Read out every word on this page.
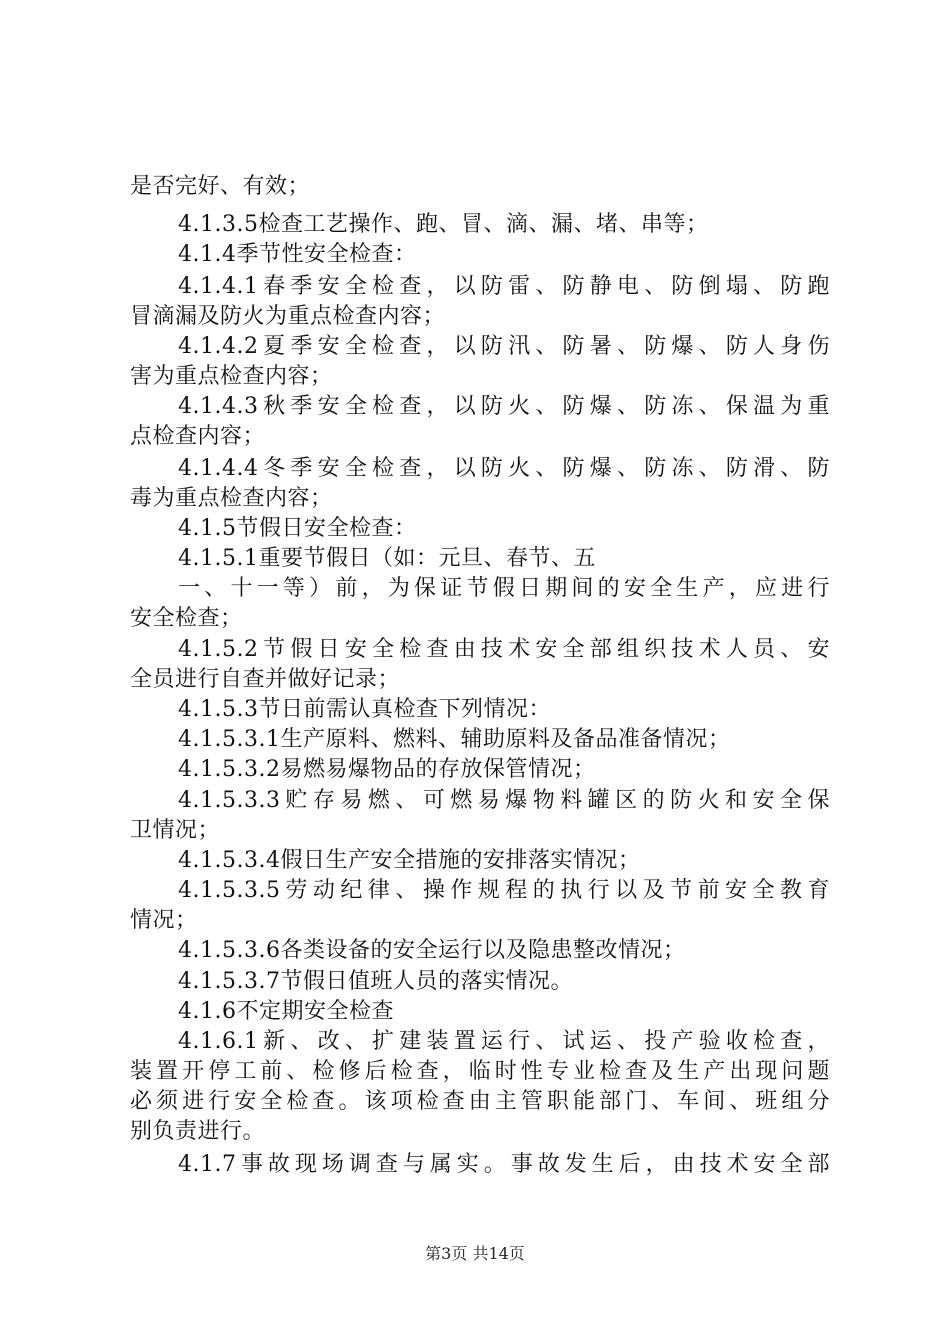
是否完好、有效；
4.1.3.5检查工艺操作、跑、冒、滴、漏、堵、串等；
4.1.4季节性安全检查：
4.1.4.1春季安全检查，以防雷、防静电、防倒塌、防跑
冒滴漏及防火为重点检查内容；
4.1.4.2夏季安全检查，以防汛、防暑、防爆、防人身伤
害为重点检查内容；
4.1.4.3秋季安全检查，以防火、防爆、防冻、保温为重
点检查内容；
4.1.4.4冬季安全检查，以防火、防爆、防冻、防滑、防
毒为重点检查内容；
4.1.5节假日安全检查：
4.1.5.1重要节假日（如：元旦、春节、五
一、十一等）前，为保证节假日期间的安全生产，应进行
安全检查；
4.1.5.2节假日安全检查由技术安全部组织技术人员、安
全员进行自查并做好记录；
4.1.5.3节日前需认真检查下列情况：
4.1.5.3.1生产原料、燃料、辅助原料及备品准备情况；
4.1.5.3.2易燃易爆物品的存放保管情况；
4.1.5.3.3贮存易燃、可燃易爆物料罐区的防火和安全保
卫情况；
4.1.5.3.4假日生产安全措施的安排落实情况；
4.1.5.3.5劳动纪律、操作规程的执行以及节前安全教育
情况；
4.1.5.3.6各类设备的安全运行以及隐患整改情况；
4.1.5.3.7节假日值班人员的落实情况。
4.1.6不定期安全检查
4.1.6.1新、改、扩建装置运行、试运、投产验收检查，
装置开停工前、检修后检查，临时性专业检查及生产出现问题
必须进行安全检查。该项检查由主管职能部门、车间、班组分
别负责进行。
4.1.7事故现场调查与属实。事故发生后，由技术安全部
第3页 共14页
